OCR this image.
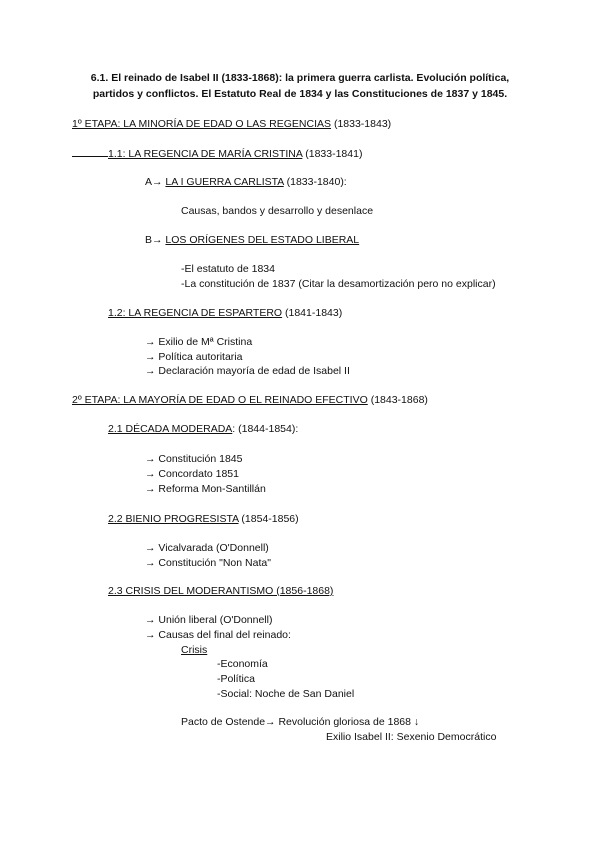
6.1. El reinado de Isabel II (1833-1868): la primera guerra carlista. Evolución política,
partidos y conflictos. El Estatuto Real de 1834 y las Constituciones de 1837 y 1845.
1º ETAPA: LA MINORÍA DE EDAD O LAS REGENCIAS (1833-1843)
1.1: LA REGENCIA DE MARÍA CRISTINA (1833-1841)
A→ LA I GUERRA CARLISTA (1833-1840):
Causas, bandos y desarrollo y desenlace
B→ LOS ORÍGENES DEL ESTADO LIBERAL
-El estatuto de 1834
-La constitución de 1837 (Citar la desamortización pero no explicar)
1.2: LA REGENCIA DE ESPARTERO (1841-1843)
→ Exilio de Mª Cristina
→ Política autoritaria
→ Declaración mayoría de edad de Isabel II
2º ETAPA: LA MAYORÍA DE EDAD O EL REINADO EFECTIVO (1843-1868)
2.1 DÉCADA MODERADA: (1844-1854):
→ Constitución 1845
→ Concordato 1851
→ Reforma Mon-Santillán
2.2 BIENIO PROGRESISTA (1854-1856)
→ Vicalvarada (O'Donnell)
→ Constitución "Non Nata"
2.3 CRISIS DEL MODERANTISMO (1856-1868)
→ Unión liberal (O'Donnell)
→ Causas del final del reinado:
Crisis
-Economía
-Política
-Social: Noche de San Daniel
Pacto de Ostende→ Revolución gloriosa de 1868 ↓
Exilio Isabel II: Sexenio Democrático
